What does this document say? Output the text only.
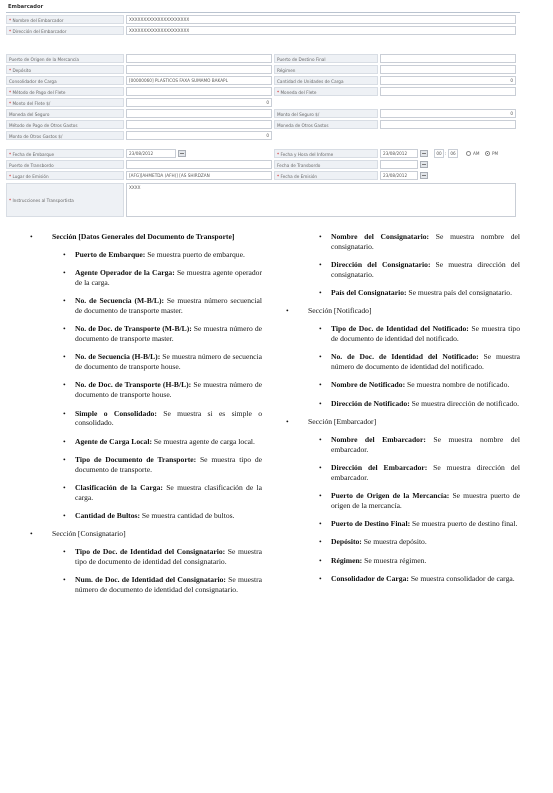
Embarcador
* Nombre del Embarcador	XXXXXXXXXXXXXXXXXXXXX
* Dirección del Embarcador	XXXXXXXXXXXXXXXXXXXXX
Puerto de Origen de la Mercancía	Puerto de Destino Final
* Depósito	Régimen
Consolidador de Carga	[00000060] PLASTICOS FAXA SUMAMO BAKAPL	Cantidad de Unidades de Carga	0
* Método de Pago del Flete	* Moneda del Flete
* Monto del Flete $/	0
Moneda del Seguro	Monto del Seguro $/	0
Método de Pago de Otros Gastos	Moneda de Otros Gastos
Monto de Otros Gastos $/	0
* Fecha de Embarque	23/08/2012	* Fecha y Hora del Informe	23/08/2012	00 : 06	AM	PM
Puerto de Transbordo	Fecha de Transbordo
* Lugar de Emisión	[AFG][AHMETDA (AFH)] [AS SHIRDZAN	* Fecha de Emisión	23/08/2012
* Instrucciones al Transportista
XXXX
•	Sección [Datos Generales del Documento de Transporte]
• Puerto de Embarque: Se muestra puerto de embarque.
• Agente Operador de la Carga: Se muestra agente operador de la carga.
• No. de Secuencia (M-B/L): Se muestra número secuencial de documento de transporte master.
• No. de Doc. de Transporte (M-B/L): Se muestra número de documento de transporte master.
• No. de Secuencia (H-B/L): Se muestra número de secuencia de documento de transporte house.
• No. de Doc. de Transporte (H-B/L): Se muestra número de documento de transporte house.
• Simple o Consolidado: Se muestra si es simple o consolidado.
• Agente de Carga Local: Se muestra agente de carga local.
• Tipo de Documento de Transporte: Se muestra tipo de documento de transporte.
• Clasificación de la Carga: Se muestra clasificación de la carga.
• Cantidad de Bultos: Se muestra cantidad de bultos.
•	Sección [Consignatario]
• Tipo de Doc. de Identidad del Consignatario: Se muestra tipo de documento de identidad del consignatario.
• Num. de Doc. de Identidad del Consignatario: Se muestra número de documento de identidad del consignatario.
• Nombre del Consignatario: Se muestra nombre del consignatario.
• Dirección del Consignatario: Se muestra dirección del consignatario.
• País del Consignatario: Se muestra país del consignatario.
•	Sección [Notificado]
• Tipo de Doc. de Identidad del Notificado: Se muestra tipo de documento de identidad del notificado.
• No. de Doc. de Identidad del Notificado: Se muestra número de documento de identidad del notificado.
• Nombre de Notificado: Se muestra nombre de notificado.
• Dirección de Notificado: Se muestra dirección de notificado.
•	Sección [Embarcador]
• Nombre del Embarcador: Se muestra nombre del embarcador.
• Dirección del Embarcador: Se muestra dirección del embarcador.
• Puerto de Origen de la Mercancía: Se muestra puerto de origen de la mercancía.
• Puerto de Destino Final: Se muestra puerto de destino final.
• Depósito: Se muestra depósito.
• Régimen: Se muestra régimen.
• Consolidador de Carga: Se muestra consolidador de carga.
